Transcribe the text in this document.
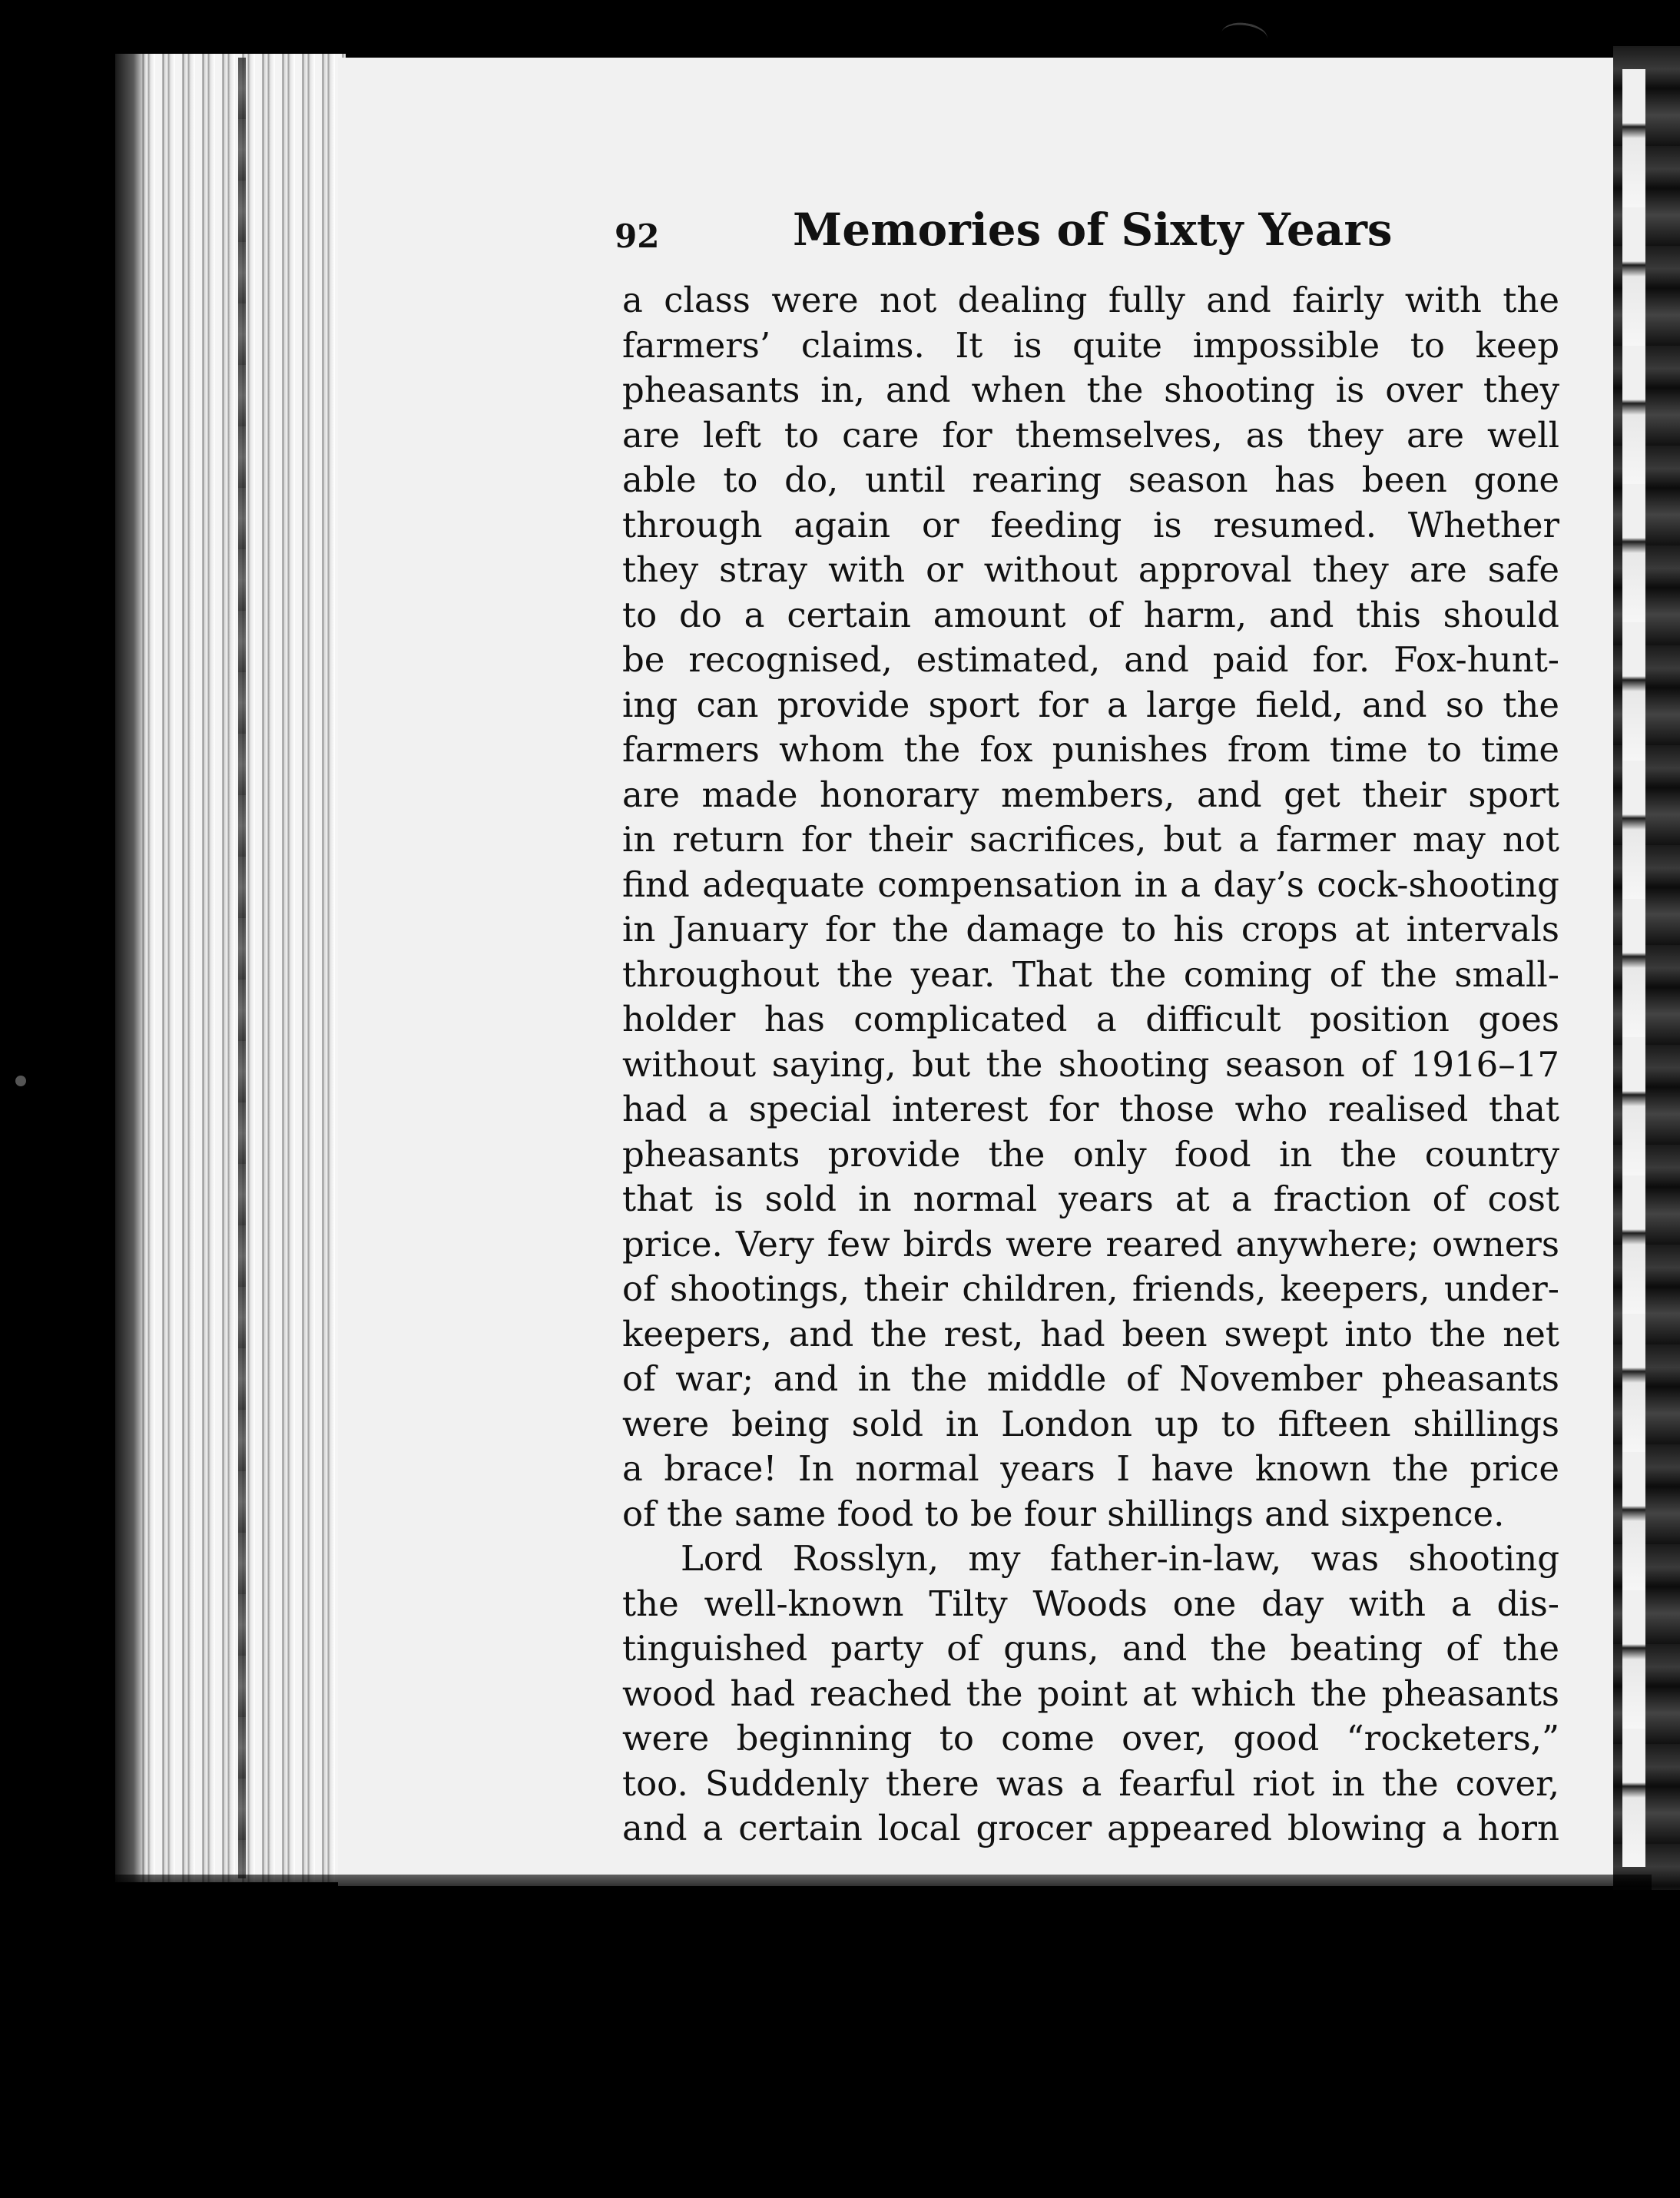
92	Memories of Sixty Years
a class were not dealing fully and fairly with the
farmers’ claims. It is quite impossible to keep
pheasants in, and when the shooting is over they
are left to care for themselves, as they are well
able to do, until rearing season has been gone
through again or feeding is resumed. Whether
they stray with or without approval they are safe
to do a certain amount of harm, and this should
be recognised, estimated, and paid for. Fox-hunt-
ing can provide sport for a large field, and so the
farmers whom the fox punishes from time to time
are made honorary members, and get their sport
in return for their sacrifices, but a farmer may not
find adequate compensation in a day’s cock-shooting
in January for the damage to his crops at intervals
throughout the year. That the coming of the small-
holder has complicated a difficult position goes
without saying, but the shooting season of 1916–17
had a special interest for those who realised that
pheasants provide the only food in the country
that is sold in normal years at a fraction of cost
price. Very few birds were reared anywhere; owners
of shootings, their children, friends, keepers, under-
keepers, and the rest, had been swept into the net
of war; and in the middle of November pheasants
were being sold in London up to fifteen shillings
a brace! In normal years I have known the price
of the same food to be four shillings and sixpence.
Lord Rosslyn, my father-in-law, was shooting
the well-known Tilty Woods one day with a dis-
tinguished party of guns, and the beating of the
wood had reached the point at which the pheasants
were beginning to come over, good “rocketers,”
too. Suddenly there was a fearful riot in the cover,
and a certain local grocer appeared blowing a horn
